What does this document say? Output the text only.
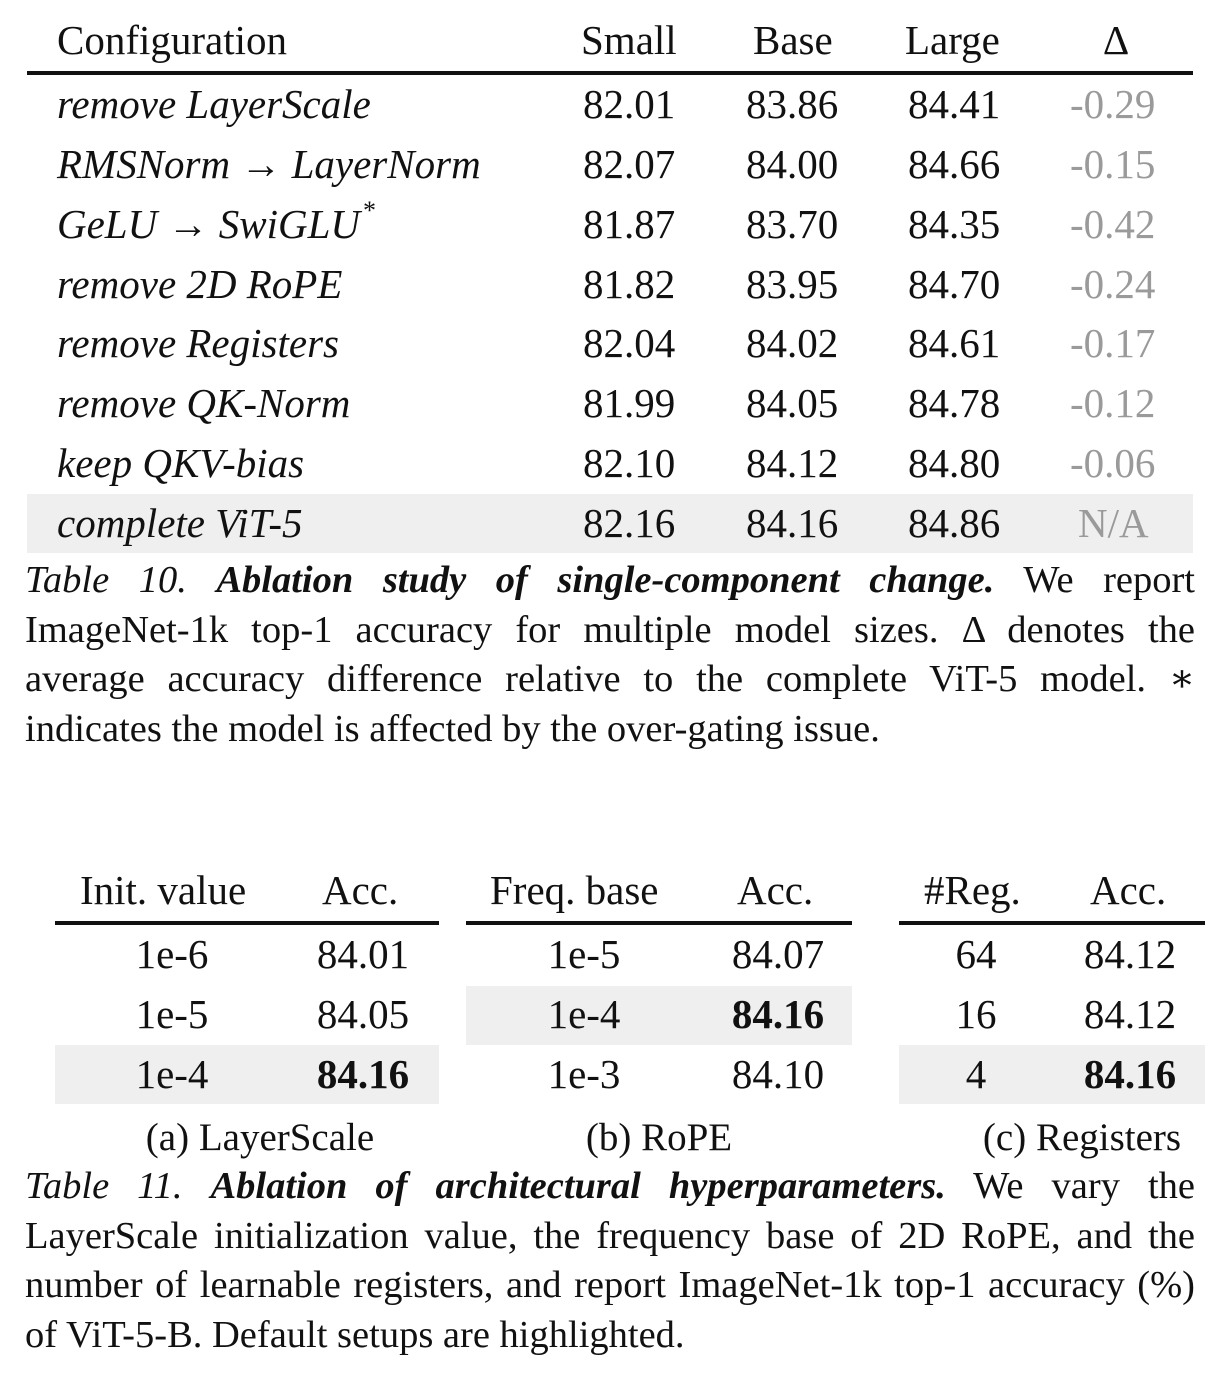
Configuration	Small Base Large	Δ
remove LayerScale	82.01 83.86 84.41 -0.29
RMSNorm → LayerNorm 82.07 84.00 84.66 -0.15
GeLU → SwiGLU *	81.87 83.70 84.35 -0.42
remove 2D RoPE	81.82 83.95 84.70 -0.24
remove Registers	82.04 84.02 84.61 -0.17
remove QK-Norm	81.99 84.05 84.78 -0.12
keep QKV-bias	82.10 84.12 84.80 -0.06
complete ViT-5	82.16 84.16 84.86 N/A
Table 10. Ablation study of single-component change. We report ImageNet-1k top-1 accuracy for multiple model sizes. Δ denotes the average accuracy difference relative to the complete ViT-5 model. ∗ indicates the model is affected by the over-gating issue.
Init. value Acc.
1e-6	84.01
1e-5	84.05
1e-4	84.16
(a) LayerScale
Freq. base Acc.
1e-5	84.07
1e-4	84.16
1e-3	84.10
(b) RoPE
#Reg. Acc.
64	84.12
16	84.12
4	84.16
(c) Registers
Table 11. Ablation of architectural hyperparameters. We vary the LayerScale initialization value, the frequency base of 2D RoPE, and the number of learnable registers, and report ImageNet-1k top-1 accuracy (%) of ViT-5-B. Default setups are highlighted.
